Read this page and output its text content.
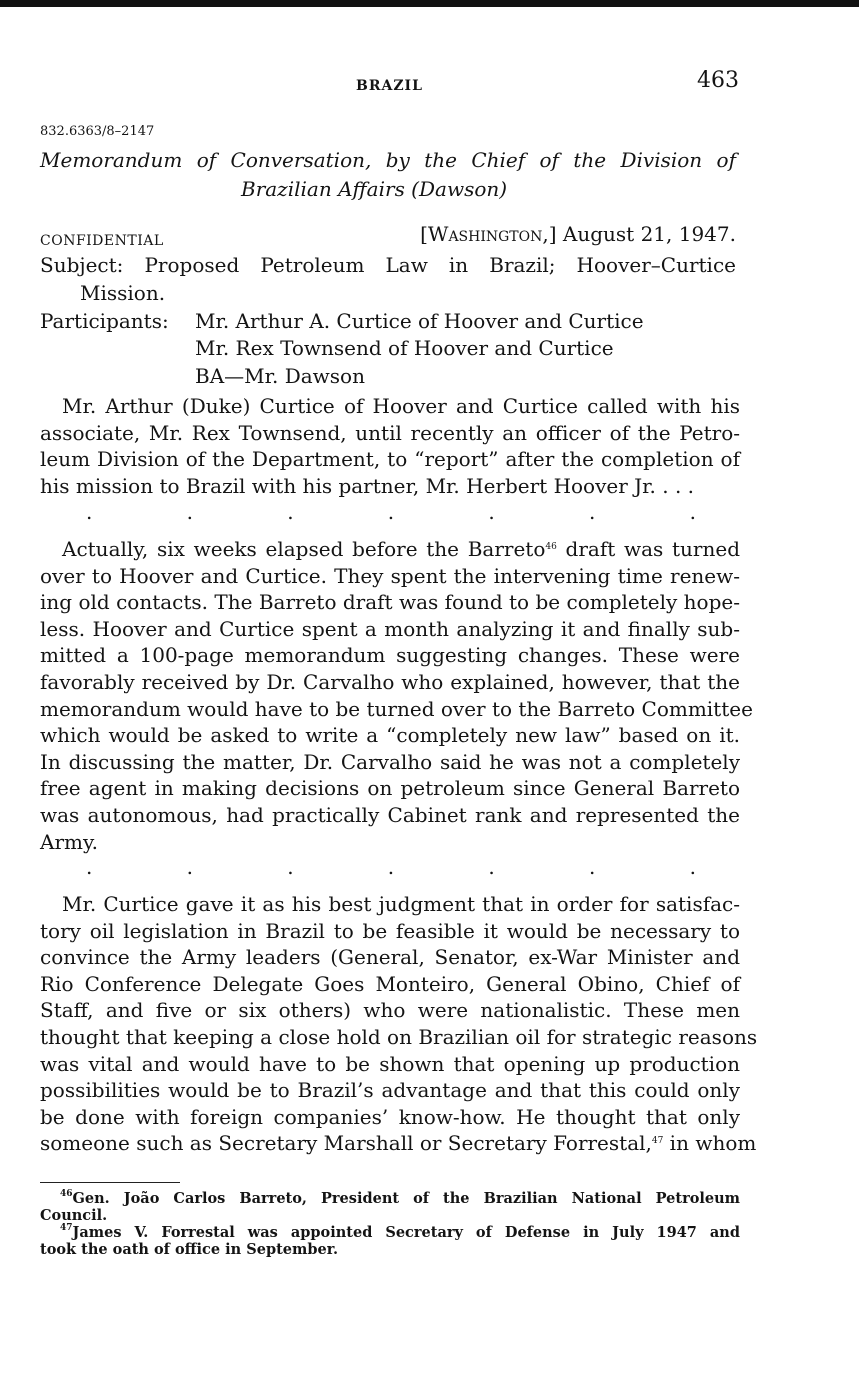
BRAZIL	463
832.6363/8–2147
Memorandum of Conversation, by the Chief of the Division of
Brazilian Affairs (Dawson)
CONFIDENTIAL	[Washington,] August 21, 1947.
Subject: Proposed Petroleum Law in Brazil; Hoover–Curtice
Mission.
Participants: Mr. Arthur A. Curtice of Hoover and Curtice
Mr. Rex Townsend of Hoover and Curtice
BA—Mr. Dawson
Mr. Arthur (Duke) Curtice of Hoover and Curtice called with his
associate, Mr. Rex Townsend, until recently an officer of the Petro-
leum Division of the Department, to “report” after the completion of
his mission to Brazil with his partner, Mr. Herbert Hoover Jr. . . .
.	.	.	.	.	.	.
Actually, six weeks elapsed before the Barreto$^{46}$ draft was turned
over to Hoover and Curtice. They spent the intervening time renew-
ing old contacts. The Barreto draft was found to be completely hope-
less. Hoover and Curtice spent a month analyzing it and finally sub-
mitted a 100-page memorandum suggesting changes. These were
favorably received by Dr. Carvalho who explained, however, that the
memorandum would have to be turned over to the Barreto Committee
which would be asked to write a “completely new law” based on it.
In discussing the matter, Dr. Carvalho said he was not a completely
free agent in making decisions on petroleum since General Barreto
was autonomous, had practically Cabinet rank and represented the
Army.
.	.	.	.	.	.	.
Mr. Curtice gave it as his best judgment that in order for satisfac-
tory oil legislation in Brazil to be feasible it would be necessary to
convince the Army leaders (General, Senator, ex-War Minister and
Rio Conference Delegate Goes Monteiro, General Obino, Chief of
Staff, and five or six others) who were nationalistic. These men
thought that keeping a close hold on Brazilian oil for strategic reasons
was vital and would have to be shown that opening up production
possibilities would be to Brazil’s advantage and that this could only
be done with foreign companies’ know-how. He thought that only
someone such as Secretary Marshall or Secretary Forrestal,$^{47}$ in whom
$^{46}$Gen. João Carlos Barreto, President of the Brazilian National Petroleum
Council.
$^{47}$James V. Forrestal was appointed Secretary of Defense in July 1947 and
took the oath of office in September.
